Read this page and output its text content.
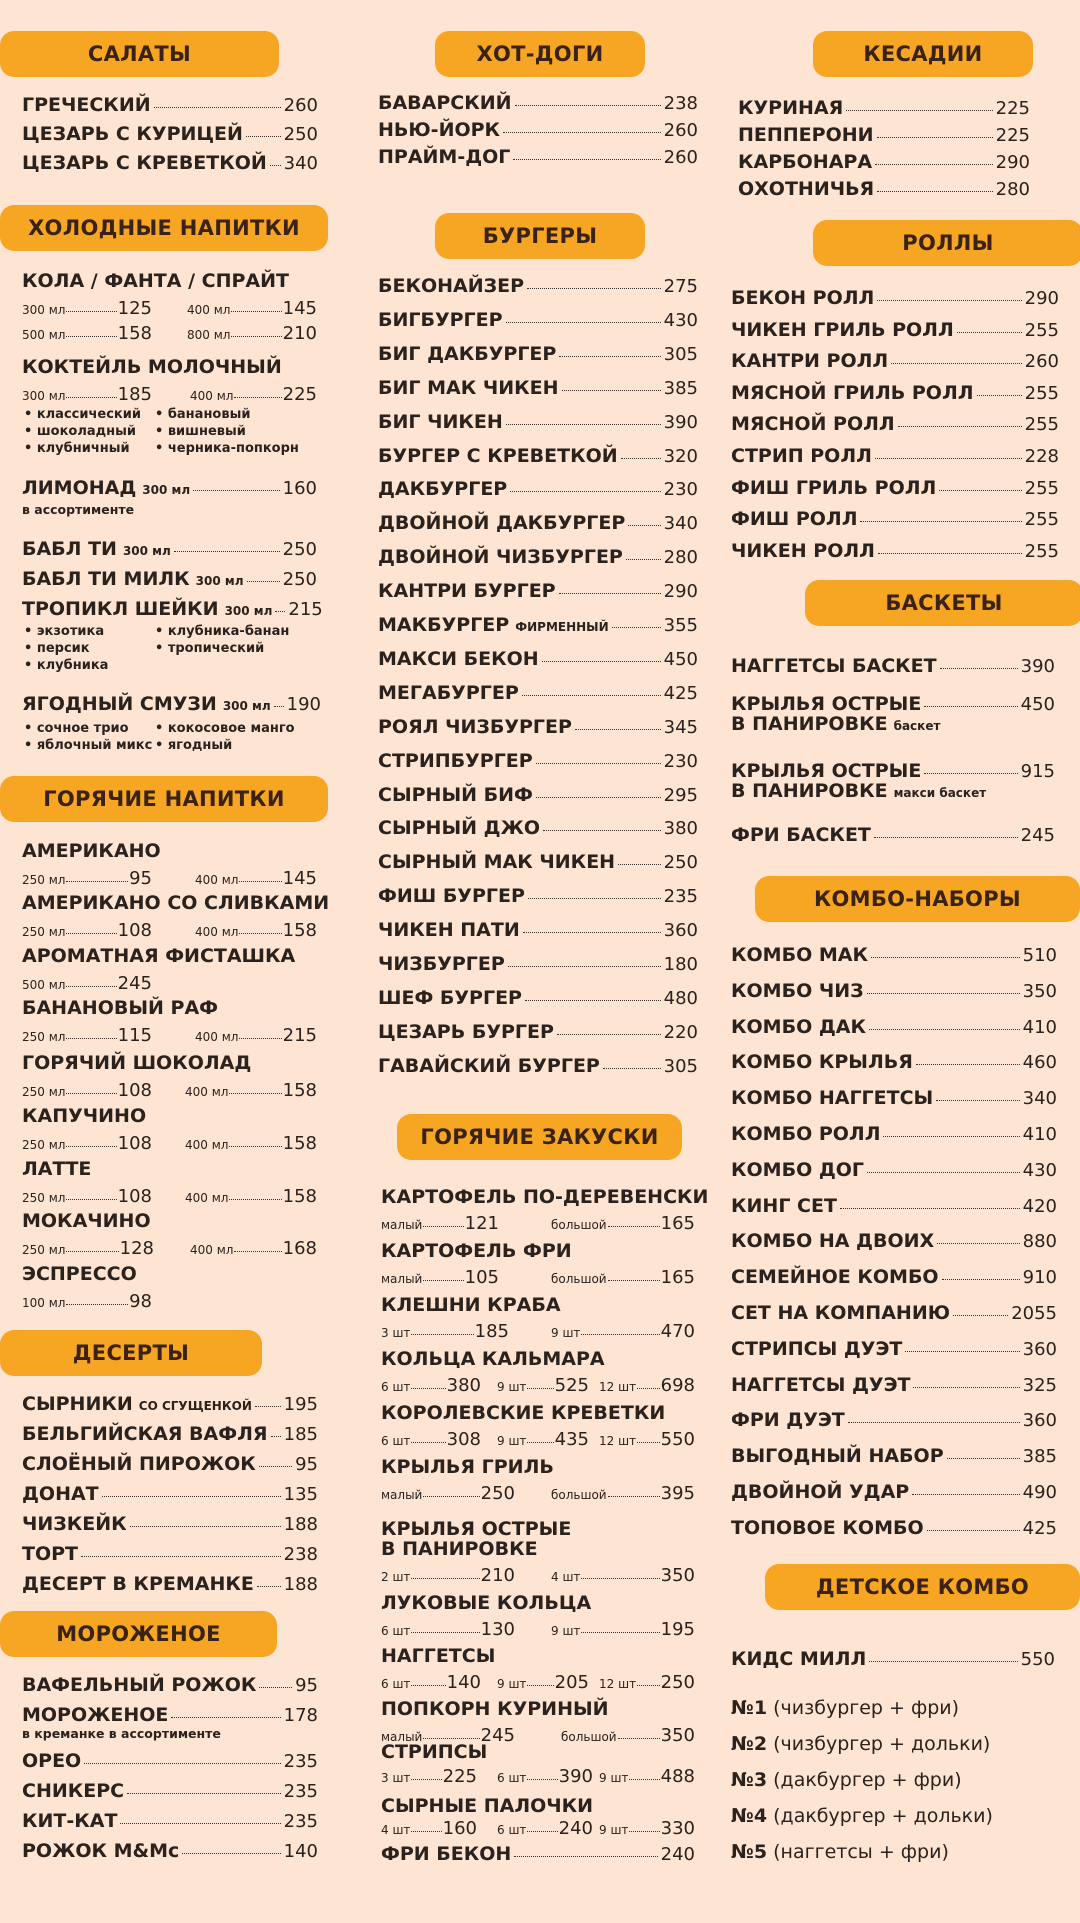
САЛАТЫ
ГРЕЧЕСКИЙ	260
ЦЕЗАРЬ С КУРИЦЕЙ 250
ЦЕЗАРЬ С КРЕВЕТКОЙ 340
ХОЛОДНЫЕ НАПИТКИ
КОЛА / ФАНТА / СПРАЙТ
300 мл	125	400 мл	145
500 мл	158	800 мл	210
КОКТЕЙЛЬ МОЛОЧНЫЙ
300 мл	185	400 мл	225
• классический • банановый
• шоколадный • вишневый
• клубничный • черника-попкорн
ЛИМОНАД 300 мл	160
в ассортименте
БАБЛ ТИ 300 мл	250
БАБЛ ТИ МИЛК 300 мл 250
ТРОПИКЛ ШЕЙКИ 300 мл 215
• экзотика	• клубника-банан
• персик	• тропический
• клубника
ЯГОДНЫЙ СМУЗИ 300 мл 190
• сочное трио • кокосовое манго
• яблочный микс • ягодный
ГОРЯЧИЕ НАПИТКИ
АМЕРИКАНО
250 мл	95	400 мл 145
АМЕРИКАНО СО СЛИВКАМИ
250 мл	108	400 мл 158
АРОМАТНАЯ ФИСТАШКА
500 мл	245
БАНАНОВЫЙ РАФ
250 мл	115	400 мл 215
ГОРЯЧИЙ ШОКОЛАД
250 мл	108	400 мл	158
КАПУЧИНО
250 мл	108	400 мл	158
ЛАТТЕ
250 мл	108	400 мл	158
МОКАЧИНО
250 мл	128	400 мл	168
ЭСПРЕССО
100 мл	98
ДЕСЕРТЫ
СЫРНИКИ СО СГУЩЕНКОЙ 195
БЕЛЬГИЙСКАЯ ВАФЛЯ 185
СЛОЁНЫЙ ПИРОЖОК 95
ДОНАТ	135
ЧИЗКЕЙК	188
ТОРТ	238
ДЕСЕРТ В КРЕМАНКЕ 188
МОРОЖЕНОЕ
ВАФЕЛЬНЫЙ РОЖОК 95
МОРОЖЕНОЕ	178
в креманке в ассортименте
ОРЕО	235
СНИКЕРС	235
КИТ-КАТ	235
РОЖОК M&Mc	140
ХОТ-ДОГИ
БАВАРСКИЙ	238
НЬЮ-ЙОРК	260
ПРАЙМ-ДОГ	260
БУРГЕРЫ
БЕКОНАЙЗЕР	275
БИГБУРГЕР	430
БИГ ДАКБУРГЕР	305
БИГ МАК ЧИКЕН	385
БИГ ЧИКЕН	390
БУРГЕР С КРЕВЕТКОЙ	320
ДАКБУРГЕР	230
ДВОЙНОЙ ДАКБУРГЕР 340
ДВОЙНОЙ ЧИЗБУРГЕР 280
КАНТРИ БУРГЕР	290
МАКБУРГЕР ФИРМЕННЫЙ	355
МАКСИ БЕКОН	450
МЕГАБУРГЕР	425
РОЯЛ ЧИЗБУРГЕР	345
СТРИПБУРГЕР	230
СЫРНЫЙ БИФ	295
СЫРНЫЙ ДЖО	380
СЫРНЫЙ МАК ЧИКЕН	250
ФИШ БУРГЕР	235
ЧИКЕН ПАТИ	360
ЧИЗБУРГЕР	180
ШЕФ БУРГЕР	480
ЦЕЗАРЬ БУРГЕР	220
ГАВАЙСКИЙ БУРГЕР	305
ГОРЯЧИЕ ЗАКУСКИ
КАРТОФЕЛЬ ПО-ДЕРЕВЕНСКИ
малый 121	большой	165
КАРТОФЕЛЬ ФРИ
малый 105	большой	165
КЛЕШНИ КРАБА
3 шт	185	9 шт	470
КОЛЬЦА КАЛЬМАРА
6 шт 380 9 шт 525 12 шт 698
КОРОЛЕВСКИЕ КРЕВЕТКИ
6 шт 308 9 шт 435 12 шт 550
КРЫЛЬЯ ГРИЛЬ
малый	250	большой	395
КРЫЛЬЯ ОСТРЫЕ
В ПАНИРОВКЕ
2 шт	210	4 шт	350
ЛУКОВЫЕ КОЛЬЦА
6 шт	130	9 шт	195
НАГГЕТСЫ
6 шт 140 9 шт 205 12 шт 250
ПОПКОРН КУРИНЫЙ
малый	245	большой 350
СТРИПСЫ
3 шт 225 6 шт 390 9 шт 488
СЫРНЫЕ ПАЛОЧКИ
4 шт 160 6 шт 240 9 шт 330
ФРИ БЕКОН	240
КЕСАДИИ
КУРИНАЯ	225
ПЕППЕРОНИ	225
КАРБОНАРА	290
ОХОТНИЧЬЯ	280
РОЛЛЫ
БЕКОН РОЛЛ	290
ЧИКЕН ГРИЛЬ РОЛЛ	255
КАНТРИ РОЛЛ	260
МЯСНОЙ ГРИЛЬ РОЛЛ	255
МЯСНОЙ РОЛЛ	255
СТРИП РОЛЛ	228
ФИШ ГРИЛЬ РОЛЛ	255
ФИШ РОЛЛ	255
ЧИКЕН РОЛЛ	255
БАСКЕТЫ
НАГГЕТСЫ БАСКЕТ	390
КРЫЛЬЯ ОСТРЫЕ	450
В ПАНИРОВКЕ баскет
КРЫЛЬЯ ОСТРЫЕ	915
В ПАНИРОВКЕ макси баскет
ФРИ БАСКЕТ	245
КОМБО-НАБОРЫ
КОМБО МАК	510
КОМБО ЧИЗ	350
КОМБО ДАК	410
КОМБО КРЫЛЬЯ	460
КОМБО НАГГЕТСЫ	340
КОМБО РОЛЛ	410
КОМБО ДОГ	430
КИНГ СЕТ	420
КОМБО НА ДВОИХ	880
СЕМЕЙНОЕ КОМБО	910
СЕТ НА КОМПАНИЮ	2055
СТРИПСЫ ДУЭТ	360
НАГГЕТСЫ ДУЭТ	325
ФРИ ДУЭТ	360
ВЫГОДНЫЙ НАБОР	385
ДВОЙНОЙ УДАР	490
ТОПОВОЕ КОМБО	425
ДЕТСКОЕ КОМБО
КИДС МИЛЛ	550
№1 (чизбургер + фри)
№2 (чизбургер + дольки)
№3 (дакбургер + фри)
№4 (дакбургер + дольки)
№5 (наггетсы + фри)
